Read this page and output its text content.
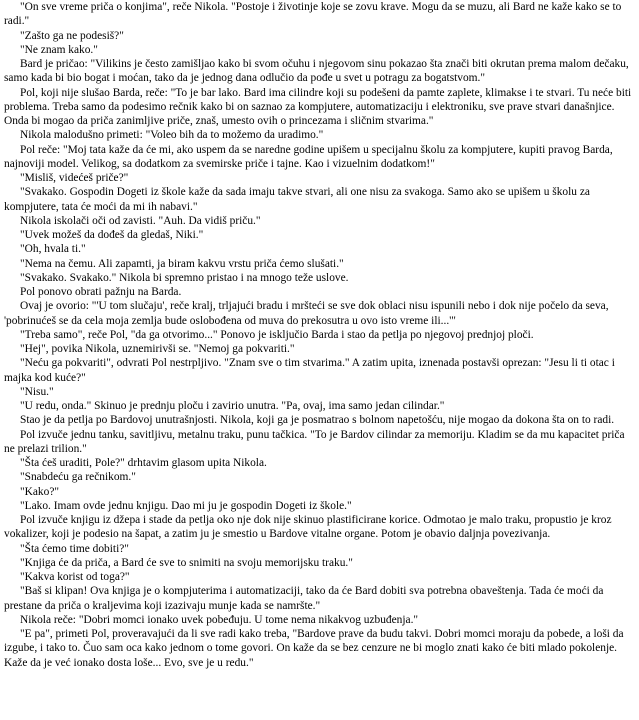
"On sve vreme priča o konjima", reče Nikola. "Postoje i životinje koje se zovu krave. Mogu da se muzu, ali Bard ne kaže kako se to radi."

"Zašto ga ne podesiš?"

"Ne znam kako."

Bard je pričao: "Vilikins je često zamišljao kako bi svom očuhu i njegovom sinu pokazao šta znači biti okrutan prema malom dečaku, samo kada bi bio bogat i moćan, tako da je jednog dana odlučio da pođe u svet u potragu za bogatstvom."

Pol, koji nije slušao Barda, reče: "To je bar lako. Bard ima cilindre koji su podešeni da pamte zaplete, klimakse i te stvari. Tu neće biti problema. Treba samo da podesimo rečnik kako bi on saznao za kompjutere, automatizaciju i elektroniku, sve prave stvari današnjice. Onda bi mogao da priča zanimljive priče, znaš, umesto ovih o princezama i sličnim stvarima."

Nikola malodušno primeti: "Voleo bih da to možemo da uradimo."

Pol reče: "Moj tata kaže da će mi, ako uspem da se naredne godine upišem u specijalnu školu za kompjutere, kupiti pravog Barda, najnoviji model. Velikog, sa dodatkom za svemirske priče i tajne. Kao i vizuelnim dodatkom!"

"Misliš, videćeš priče?"

"Svakako. Gospodin Dogeti iz škole kaže da sada imaju takve stvari, ali one nisu za svakoga. Samo ako se upišem u školu za kompjutere, tata će moći da mi ih nabavi."

Nikola iskolači oči od zavisti. "Auh. Da vidiš priču."

"Uvek možeš da dođeš da gledaš, Niki."

"Oh, hvala ti."

"Nema na čemu. Ali zapamti, ja biram kakvu vrstu priča ćemo slušati."

"Svakako. Svakako." Nikola bi spremno pristao i na mnogo teže uslove.

Pol ponovo obrati pažnju na Barda.

Ovaj je ovorio: "'U tom slučaju', reče kralj, trljajući bradu i mršteći se sve dok oblaci nisu ispunili nebo i dok nije počelo da seva, 'pobrinućeš se da cela moja zemlja bude oslobođena od muva do prekosutra u ovo isto vreme ili...'"

"Treba samo", reče Pol, "da ga otvorimo..." Ponovo je isključio Barda i stao da petlja po njegovoj prednjoj ploči.

"Hej", povika Nikola, uznemirivši se. "Nemoj ga pokvariti."

"Neću ga pokvariti", odvrati Pol nestrpljivo. "Znam sve o tim stvarima." A zatim upita, iznenada postavši oprezan: "Jesu li ti otac i majka kod kuće?"

"Nisu."

"U redu, onda." Skinuo je prednju ploču i zavirio unutra. "Pa, ovaj, ima samo jedan cilindar."

Stao je da petlja po Bardovoj unutrašnjosti. Nikola, koji ga je posmatrao s bolnom napetošću, nije mogao da dokona šta on to radi.

Pol izvuče jednu tanku, savitljivu, metalnu traku, punu tačkica. "To je Bardov cilindar za memoriju. Kladim se da mu kapacitet priča ne prelazi trilion."

"Šta ćeš uraditi, Pole?" drhtavim glasom upita Nikola.

"Snabdeću ga rečnikom."

"Kako?"

"Lako. Imam ovde jednu knjigu. Dao mi ju je gospodin Dogeti iz škole."

Pol izvuče knjigu iz džepa i stade da petlja oko nje dok nije skinuo plastificirane korice. Odmotao je malo traku, propustio je kroz vokalizer, koji je podesio na šapat, a zatim ju je smestio u Bardove vitalne organe. Potom je obavio daljnja povezivanja.

"Šta ćemo time dobiti?"

"Knjiga će da priča, a Bard će sve to snimiti na svoju memorijsku traku."

"Kakva korist od toga?"

"Baš si klipan! Ova knjiga je o kompjuterima i automatizaciji, tako da će Bard dobiti sva potrebna obaveštenja. Tada će moći da prestane da priča o kraljevima koji izazivaju munje kada se namršte."

Nikola reče: "Dobri momci ionako uvek pobeđuju. U tome nema nikakvog uzbuđenja."

"E pa", primeti Pol, proveravajući da li sve radi kako treba, "Bardove prave da budu takvi. Dobri momci moraju da pobede, a loši da izgube, i tako to. Čuo sam oca kako jednom o tome govori. On kaže da se bez cenzure ne bi moglo znati kako će biti mlado pokolenje. Kaže da je već ionako dosta loše... Evo, sve je u redu."
